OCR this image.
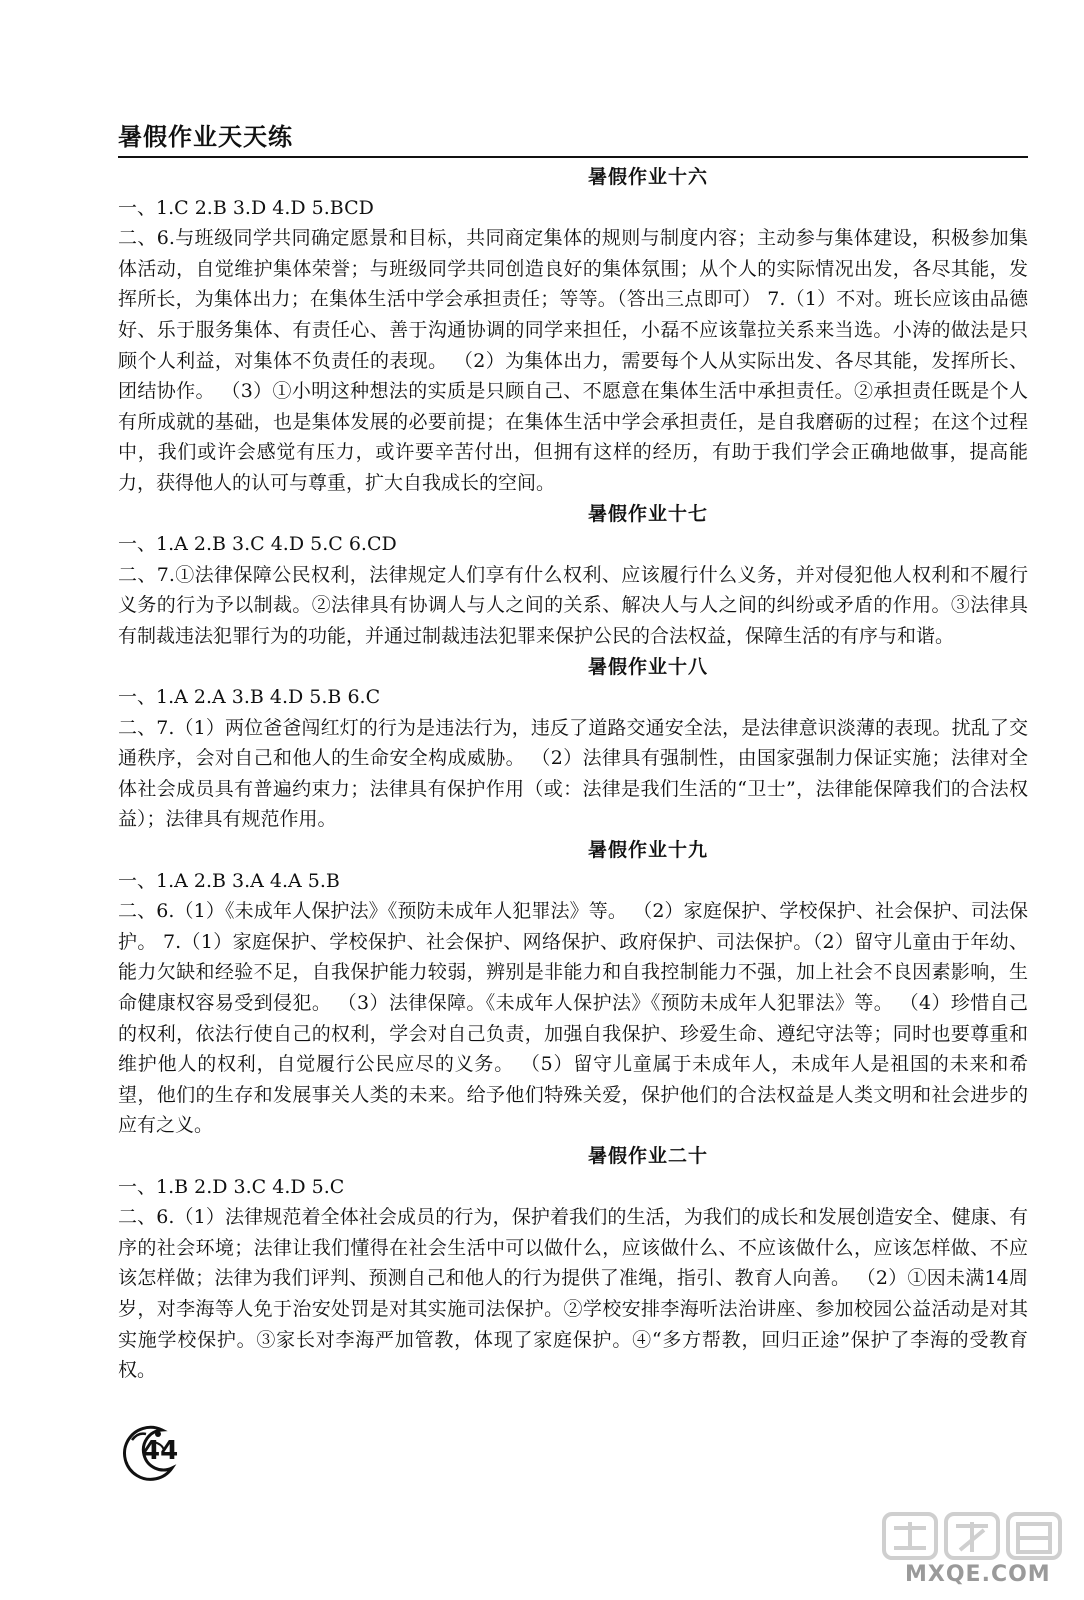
暑假作业天天练
暑假作业十六
一、1.C 2.B 3.D 4.D 5.BCD
二、6.与班级同学共同确定愿景和目标，共同商定集体的规则与制度内容；主动参与集体建设，积极参加集体活动，自觉维护集体荣誉；与班级同学共同创造良好的集体氛围；从个人的实际情况出发，各尽其能，发挥所长，为集体出力；在集体生活中学会承担责任；等等。（答出三点即可） 7.（1）不对。班长应该由品德好、乐于服务集体、有责任心、善于沟通协调的同学来担任，小磊不应该靠拉关系来当选。小涛的做法是只顾个人利益，对集体不负责任的表现。 （2）为集体出力，需要每个人从实际出发、各尽其能，发挥所长、团结协作。 （3）①小明这种想法的实质是只顾自己、不愿意在集体生活中承担责任。②承担责任既是个人有所成就的基础，也是集体发展的必要前提；在集体生活中学会承担责任，是自我磨砺的过程；在这个过程中，我们或许会感觉有压力，或许要辛苦付出，但拥有这样的经历，有助于我们学会正确地做事，提高能力，获得他人的认可与尊重，扩大自我成长的空间。
暑假作业十七
一、1.A 2.B 3.C 4.D 5.C 6.CD
二、7.①法律保障公民权利，法律规定人们享有什么权利、应该履行什么义务，并对侵犯他人权利和不履行义务的行为予以制裁。②法律具有协调人与人之间的关系、解决人与人之间的纠纷或矛盾的作用。③法律具有制裁违法犯罪行为的功能，并通过制裁违法犯罪来保护公民的合法权益，保障生活的有序与和谐。
暑假作业十八
一、1.A 2.A 3.B 4.D 5.B 6.C
二、7.（1）两位爸爸闯红灯的行为是违法行为，违反了道路交通安全法，是法律意识淡薄的表现。扰乱了交通秩序，会对自己和他人的生命安全构成威胁。 （2）法律具有强制性，由国家强制力保证实施；法律对全体社会成员具有普遍约束力；法律具有保护作用（或：法律是我们生活的“卫士”，法律能保障我们的合法权益）；法律具有规范作用。
暑假作业十九
一、1.A 2.B 3.A 4.A 5.B
二、6.（1）《未成年人保护法》《预防未成年人犯罪法》等。 （2）家庭保护、学校保护、社会保护、司法保护。 7.（1）家庭保护、学校保护、社会保护、网络保护、政府保护、司法保护。（2）留守儿童由于年幼、能力欠缺和经验不足，自我保护能力较弱，辨别是非能力和自我控制能力不强，加上社会不良因素影响，生命健康权容易受到侵犯。 （3）法律保障。《未成年人保护法》《预防未成年人犯罪法》等。 （4）珍惜自己的权利，依法行使自己的权利，学会对自己负责，加强自我保护、珍爱生命、遵纪守法等；同时也要尊重和维护他人的权利，自觉履行公民应尽的义务。 （5）留守儿童属于未成年人，未成年人是祖国的未来和希望，他们的生存和发展事关人类的未来。给予他们特殊关爱，保护他们的合法权益是人类文明和社会进步的应有之义。
暑假作业二十
一、1.B 2.D 3.C 4.D 5.C
二、6.（1）法律规范着全体社会成员的行为，保护着我们的生活，为我们的成长和发展创造安全、健康、有序的社会环境；法律让我们懂得在社会生活中可以做什么，应该做什么、不应该做什么，应该怎样做、不应该怎样做；法律为我们评判、预测自己和他人的行为提供了准绳，指引、教育人向善。 （2）①因未满14周岁，对李海等人免于治安处罚是对其实施司法保护。②学校安排李海听法治讲座、参加校园公益活动是对其实施学校保护。③家长对李海严加管教，体现了家庭保护。④“多方帮教，回归正途”保护了李海的受教育权。
44
MXQE.COM
